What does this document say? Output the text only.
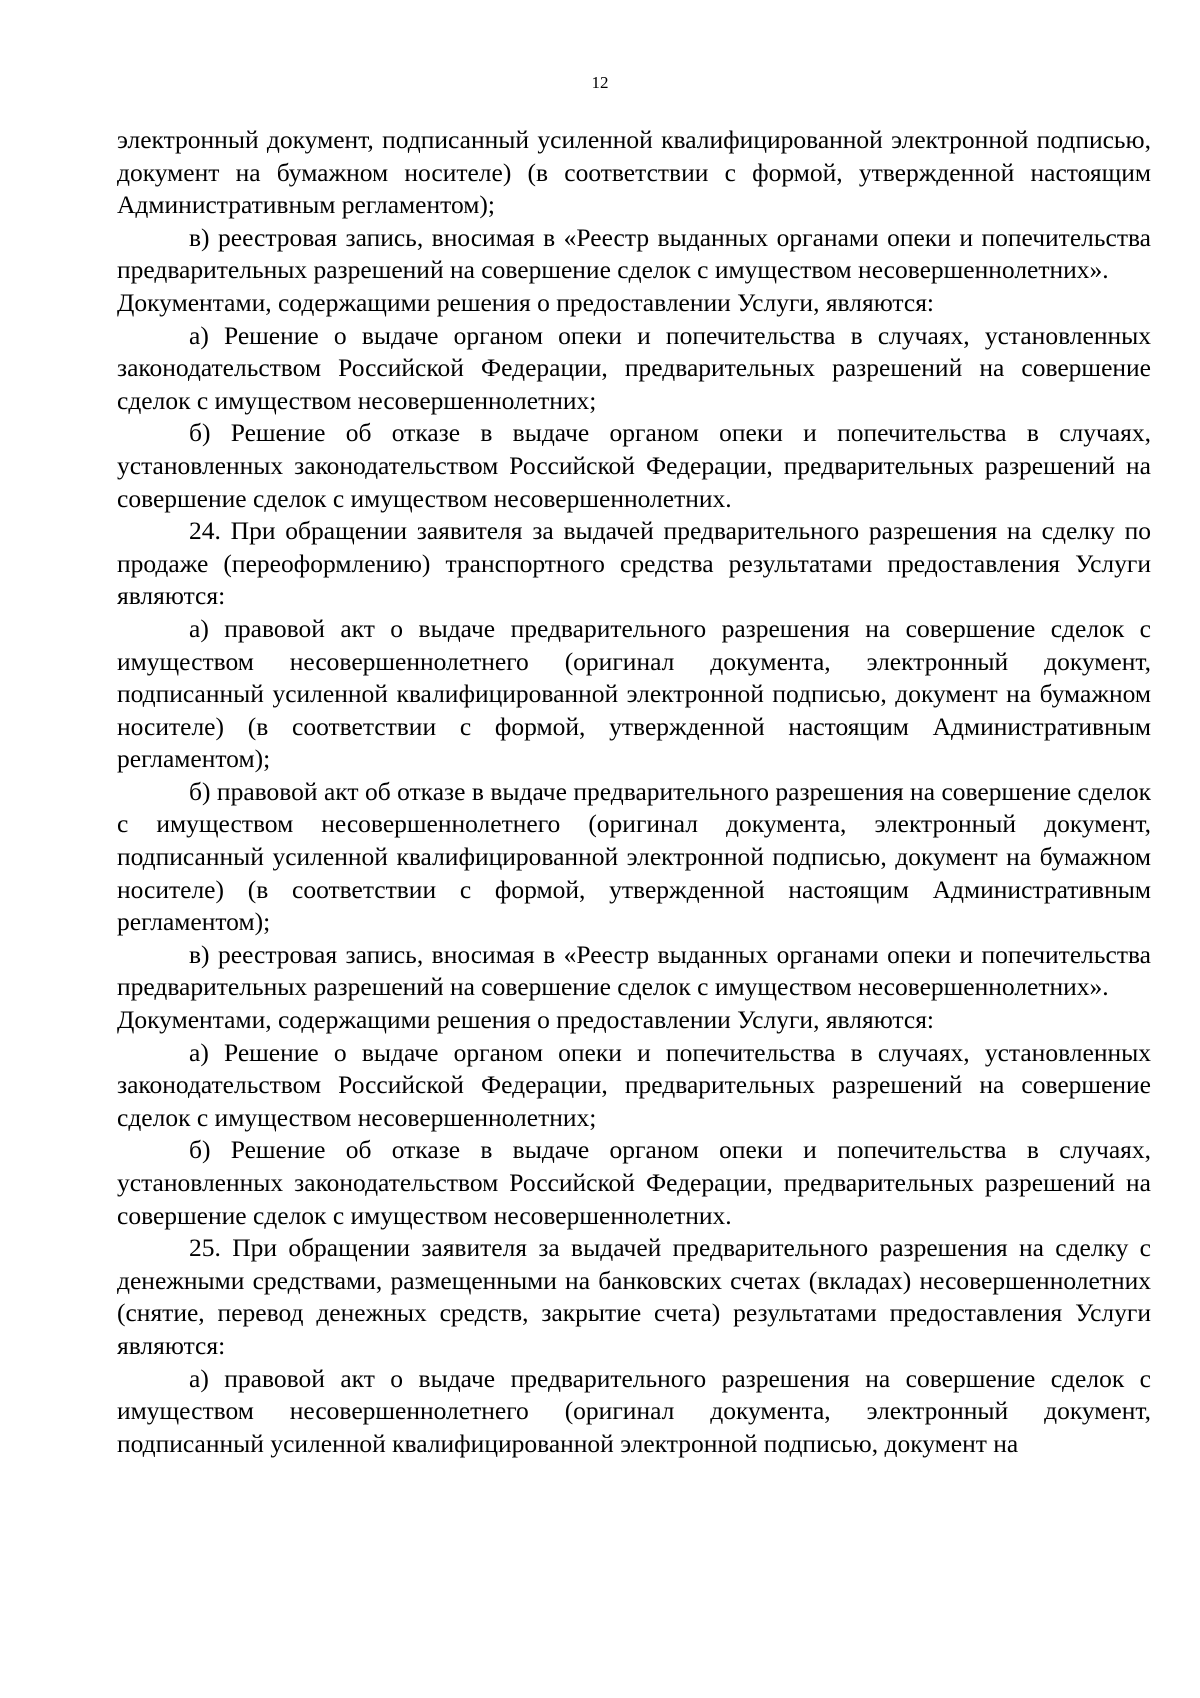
12

электронный документ, подписанный усиленной квалифицированной электронной подписью, документ на бумажном носителе) (в соответствии с формой, утвержденной настоящим Административным регламентом);

в) реестровая запись, вносимая в «Реестр выданных органами опеки и попечительства предварительных разрешений на совершение сделок с имуществом несовершеннолетних».

Документами, содержащими решения о предоставлении Услуги, являются:

а) Решение о выдаче органом опеки и попечительства в случаях, установленных законодательством Российской Федерации, предварительных разрешений на совершение сделок с имуществом несовершеннолетних;

б) Решение об отказе в выдаче органом опеки и попечительства в случаях, установленных законодательством Российской Федерации, предварительных разрешений на совершение сделок с имуществом несовершеннолетних.

24. При обращении заявителя за выдачей предварительного разрешения на сделку по продаже (переоформлению) транспортного средства результатами предоставления Услуги являются:

а) правовой акт о выдаче предварительного разрешения на совершение сделок с имуществом несовершеннолетнего (оригинал документа, электронный документ, подписанный усиленной квалифицированной электронной подписью, документ на бумажном носителе) (в соответствии с формой, утвержденной настоящим Административным регламентом);

б) правовой акт об отказе в выдаче предварительного разрешения на совершение сделок с имуществом несовершеннолетнего (оригинал документа, электронный документ, подписанный усиленной квалифицированной электронной подписью, документ на бумажном носителе) (в соответствии с формой, утвержденной настоящим Административным регламентом);

в) реестровая запись, вносимая в «Реестр выданных органами опеки и попечительства предварительных разрешений на совершение сделок с имуществом несовершеннолетних».

Документами, содержащими решения о предоставлении Услуги, являются:

а) Решение о выдаче органом опеки и попечительства в случаях, установленных законодательством Российской Федерации, предварительных разрешений на совершение сделок с имуществом несовершеннолетних;

б) Решение об отказе в выдаче органом опеки и попечительства в случаях, установленных законодательством Российской Федерации, предварительных разрешений на совершение сделок с имуществом несовершеннолетних.

25. При обращении заявителя за выдачей предварительного разрешения на сделку с денежными средствами, размещенными на банковских счетах (вкладах) несовершеннолетних (снятие, перевод денежных средств, закрытие счета) результатами предоставления Услуги являются:

а) правовой акт о выдаче предварительного разрешения на совершение сделок с имуществом несовершеннолетнего (оригинал документа, электронный документ, подписанный усиленной квалифицированной электронной подписью, документ на
